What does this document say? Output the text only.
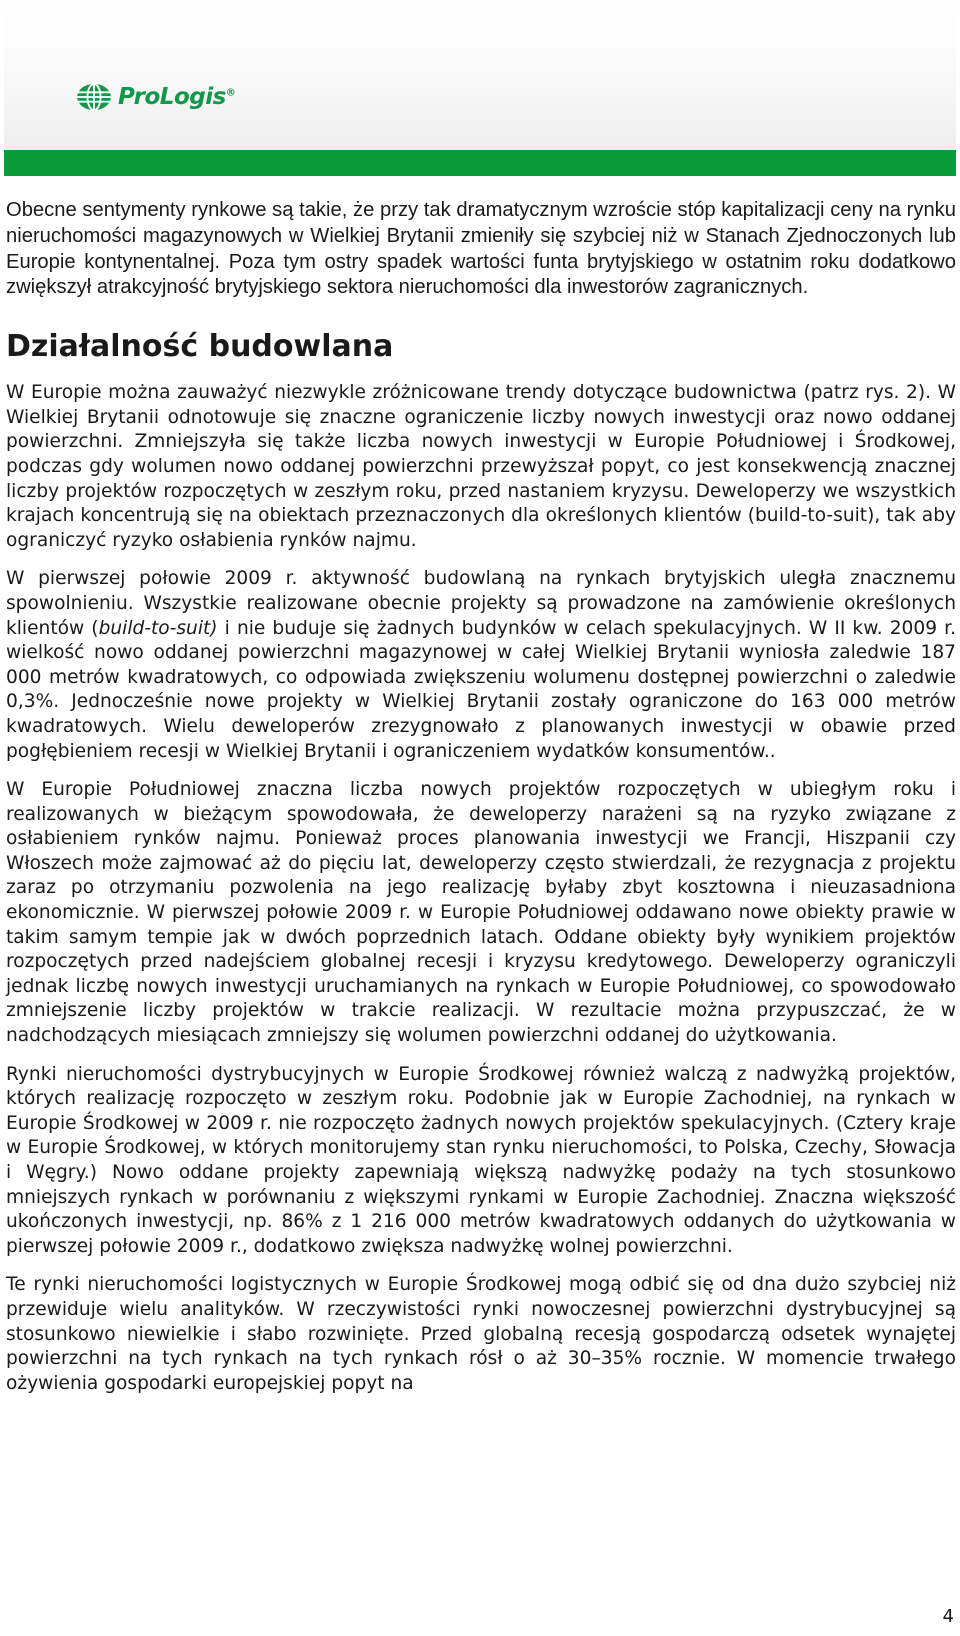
ProLogis®

Obecne sentymenty rynkowe są takie, że przy tak dramatycznym wzroście stóp kapitalizacji ceny na rynku nieruchomości magazynowych w Wielkiej Brytanii zmieniły się szybciej niż w Stanach Zjednoczonych lub Europie kontynentalnej. Poza tym ostry spadek wartości funta brytyjskiego w ostatnim roku dodatkowo zwiększył atrakcyjność brytyjskiego sektora nieruchomości dla inwestorów zagranicznych.

Działalność budowlana

W Europie można zauważyć niezwykle zróżnicowane trendy dotyczące budownictwa (patrz rys. 2). W Wielkiej Brytanii odnotowuje się znaczne ograniczenie liczby nowych inwestycji oraz nowo oddanej powierzchni. Zmniejszyła się także liczba nowych inwestycji w Europie Południowej i Środkowej, podczas gdy wolumen nowo oddanej powierzchni przewyższał popyt, co jest konsekwencją znacznej liczby projektów rozpoczętych w zeszłym roku, przed nastaniem kryzysu. Deweloperzy we wszystkich krajach koncentrują się na obiektach przeznaczonych dla określonych klientów (build-to-suit), tak aby ograniczyć ryzyko osłabienia rynków najmu.

W pierwszej połowie 2009 r. aktywność budowlaną na rynkach brytyjskich uległa znacznemu spowolnieniu. Wszystkie realizowane obecnie projekty są prowadzone na zamówienie określonych klientów (build-to-suit) i nie buduje się żadnych budynków w celach spekulacyjnych. W II kw. 2009 r. wielkość nowo oddanej powierzchni magazynowej w całej Wielkiej Brytanii wyniosła zaledwie 187 000 metrów kwadratowych, co odpowiada zwiększeniu wolumenu dostępnej powierzchni o zaledwie 0,3%. Jednocześnie nowe projekty w Wielkiej Brytanii zostały ograniczone do 163 000 metrów kwadratowych. Wielu deweloperów zrezygnowało z planowanych inwestycji w obawie przed pogłębieniem recesji w Wielkiej Brytanii i ograniczeniem wydatków konsumentów..

W Europie Południowej znaczna liczba nowych projektów rozpoczętych w ubiegłym roku i realizowanych w bieżącym spowodowała, że deweloperzy narażeni są na ryzyko związane z osłabieniem rynków najmu. Ponieważ proces planowania inwestycji we Francji, Hiszpanii czy Włoszech może zajmować aż do pięciu lat, deweloperzy często stwierdzali, że rezygnacja z projektu zaraz po otrzymaniu pozwolenia na jego realizację byłaby zbyt kosztowna i nieuzasadniona ekonomicznie. W pierwszej połowie 2009 r. w Europie Południowej oddawano nowe obiekty prawie w takim samym tempie jak w dwóch poprzednich latach. Oddane obiekty były wynikiem projektów rozpoczętych przed nadejściem globalnej recesji i kryzysu kredytowego. Deweloperzy ograniczyli jednak liczbę nowych inwestycji uruchamianych na rynkach w Europie Południowej, co spowodowało zmniejszenie liczby projektów w trakcie realizacji. W rezultacie można przypuszczać, że w nadchodzących miesiącach zmniejszy się wolumen powierzchni oddanej do użytkowania.

Rynki nieruchomości dystrybucyjnych w Europie Środkowej również walczą z nadwyżką projektów, których realizację rozpoczęto w zeszłym roku. Podobnie jak w Europie Zachodniej, na rynkach w Europie Środkowej w 2009 r. nie rozpoczęto żadnych nowych projektów spekulacyjnych. (Cztery kraje w Europie Środkowej, w których monitorujemy stan rynku nieruchomości, to Polska, Czechy, Słowacja i Węgry.) Nowo oddane projekty zapewniają większą nadwyżkę podaży na tych stosunkowo mniejszych rynkach w porównaniu z większymi rynkami w Europie Zachodniej. Znaczna większość ukończonych inwestycji, np. 86% z 1 216 000 metrów kwadratowych oddanych do użytkowania w pierwszej połowie 2009 r., dodatkowo zwiększa nadwyżkę wolnej powierzchni.

Te rynki nieruchomości logistycznych w Europie Środkowej mogą odbić się od dna dużo szybciej niż przewiduje wielu analityków. W rzeczywistości rynki nowoczesnej powierzchni dystrybucyjnej są stosunkowo niewielkie i słabo rozwinięte. Przed globalną recesją gospodarczą odsetek wynajętej powierzchni na tych rynkach na tych rynkach rósł o aż 30–35% rocznie. W momencie trwałego ożywienia gospodarki europejskiej popyt na

4
